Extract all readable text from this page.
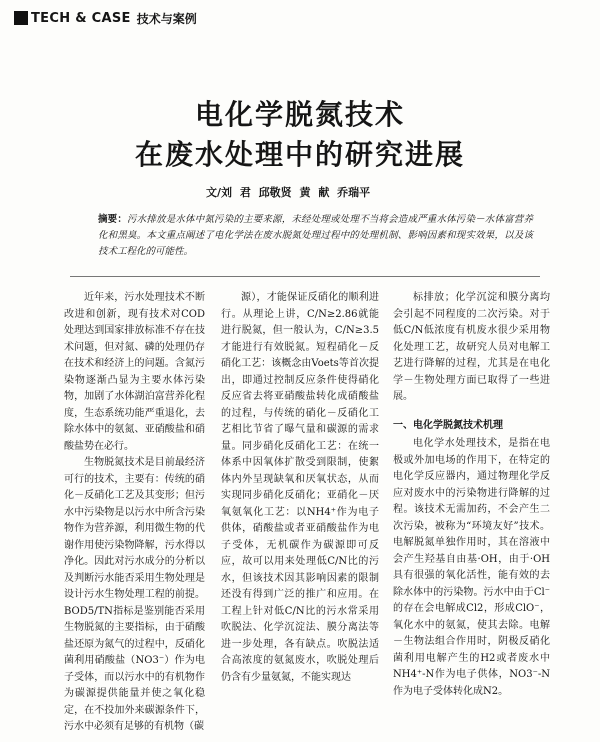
TECH & CASE 技术与案例
电化学脱氮技术
在废水处理中的研究进展
文/刘 君 邱敬贤 黄 献 乔瑞平
摘要：污水排放是水体中氮污染的主要来源，未经处理或处理不当将会造成严重水体污染－水体富营养化和黑臭。本文重点阐述了电化学法在废水脱氮处理过程中的处理机制、影响因素和现实效果，以及该技术工程化的可能性。

近年来，污水处理技术不断改进和创新，现有技术对COD处理达到国家排放标准不存在技术问题，但对氮、磷的处理仍存在技术和经济上的问题。含氮污染物逐渐凸显为主要水体污染物，加剧了水体湖泊富营养化程度，生态系统功能严重退化，去除水体中的氨氮、亚硝酸盐和硝酸盐势在必行。

生物脱氮技术是目前最经济可行的技术，主要有：传统的硝化－反硝化工艺及其变形；但污水中污染物是以污水中所含污染物作为营养源，利用微生物的代谢作用使污染物降解，污水得以净化。因此对污水成分的分析以及判断污水能否采用生物处理是设计污水生物处理工程的前提。BOD5/TN指标是鉴别能否采用生物脱氮的主要指标，由于硝酸盐还原为氮气的过程中，反硝化菌利用硝酸盐（NO3⁻）作为电子受体，而以污水中的有机物作为碳源提供能量并使之氧化稳定，在不投加外来碳源条件下，污水中必须有足够的有机物（碳

源），才能保证反硝化的顺利进行。从理论上讲，C/N≥2.86就能进行脱氮，但一般认为，C/N≥3.5才能进行有效脱氮。短程硝化－反硝化工艺：该概念由Voets等首次提出，即通过控制反应条件使得硝化反应省去将亚硝酸盐转化成硝酸盐的过程，与传统的硝化－反硝化工艺相比节省了曝气量和碳源的需求量。同步硝化反硝化工艺：在统一体系中因氧体扩散受到限制，使絮体内外呈现缺氧和厌氧状态，从而实现同步硝化反硝化；亚硝化－厌氧氨氧化工艺：以NH4⁺作为电子供体，硝酸盐或者亚硝酸盐作为电子受体，无机碳作为碳源即可反应，故可以用来处理低C/N比的污水，但该技术因其影响因素的限制还没有得到广泛的推广和应用。在工程上针对低C/N比的污水常采用吹脱法、化学沉淀法、膜分离法等进一步处理，各有缺点。吹脱法适合高浓度的氨氮废水，吹脱处理后仍含有少量氨氮，不能实现达

标排放；化学沉淀和膜分离均会引起不同程度的二次污染。对于低C/N低浓度有机废水很少采用物化处理工艺，故研究人员对电解工艺进行降解的过程，尤其是在电化学－生物处理方面已取得了一些进展。

一、电化学脱氮技术机理

电化学水处理技术，是指在电极或外加电场的作用下，在特定的电化学反应器内，通过物理化学反应对废水中的污染物进行降解的过程。该技术无需加药，不会产生二次污染，被称为“环境友好”技术。电解脱氮单独作用时，其在溶液中会产生羟基自由基·OH，由于·OH具有很强的氧化活性，能有效的去除水体中的污染物。污水中由于Cl⁻的存在会电解成Cl2，形成ClO⁻，氧化水中的氨氮，使其去除。电解－生物法组合作用时，阴极反硝化菌利用电解产生的H2或者废水中NH4⁺-N作为电子供体，NO3⁻-N作为电子受体转化成N2。
